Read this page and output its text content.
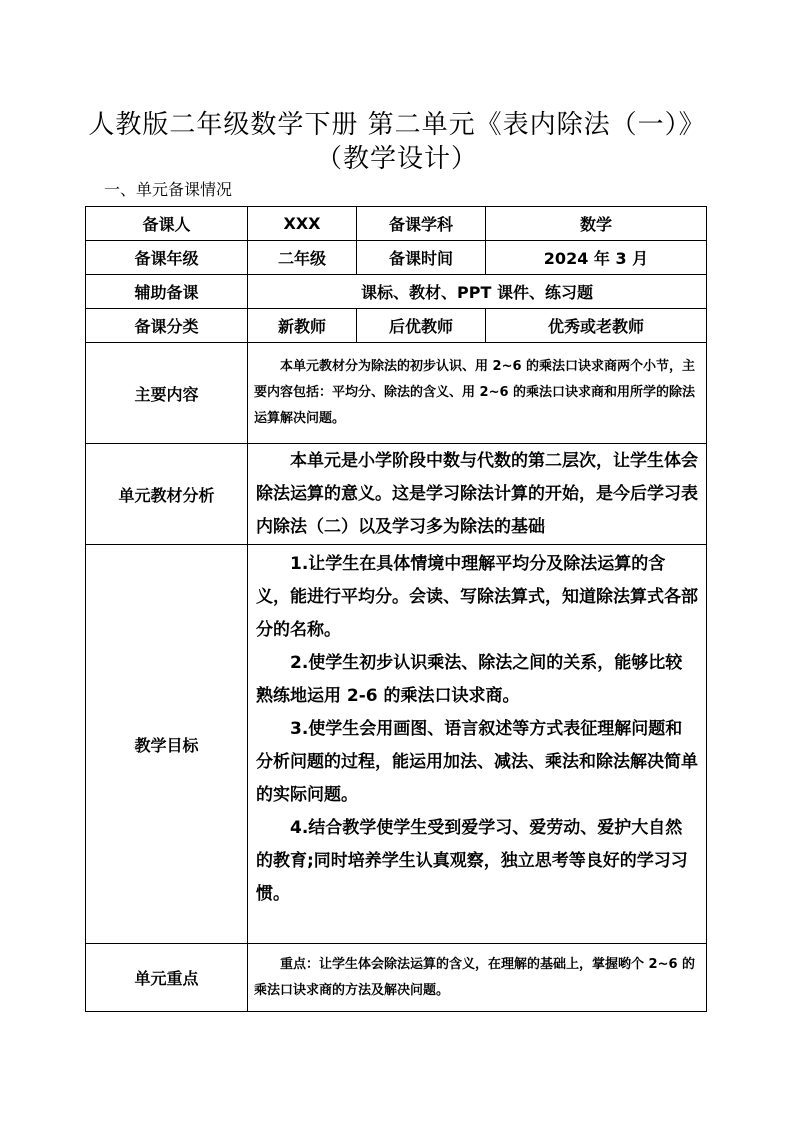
人教版二年级数学下册 第二单元《表内除法（一）》
（教学设计）
一、单元备课情况
备课人	XXX	备课学科	数学
备课年级	二年级	备课时间	2024 年 3 月
辅助备课	课标、教材、PPT 课件、练习题		
备课分类	新教师	后优教师	优秀或老教师
主要内容	本单元教材分为除法的初步认识、用 2~6 的乘法口诀求商两个小节，主要内容包括：平均分、除法的含义、用 2~6 的乘法口诀求商和用所学的除法运算解决问题。		

单元教材分析	本单元是小学阶段中数与代数的第二层次，让学生体会除法运算的意义。这是学习除法计算的开始，是今后学习表内除法（二）以及学习多为除法的基础		

教学目标	1.让学生在具体情境中理解平均分及除法运算的含义，能进行平均分。会读、写除法算式，知道除法算式各部分的名称。

2.使学生初步认识乘法、除法之间的关系，能够比较熟练地运用 2-6 的乘法口诀求商。

3.使学生会用画图、语言叙述等方式表征理解问题和分析问题的过程，能运用加法、减法、乘法和除法解决简单的实际问题。

4.结合教学使学生受到爱学习、爱劳动、爱护大自然的教育;同时培养学生认真观察，独立思考等良好的学习习惯。		

单元重点	重点：让学生体会除法运算的含义，在理解的基础上，掌握哟个 2~6 的乘法口诀求商的方法及解决问题。		
